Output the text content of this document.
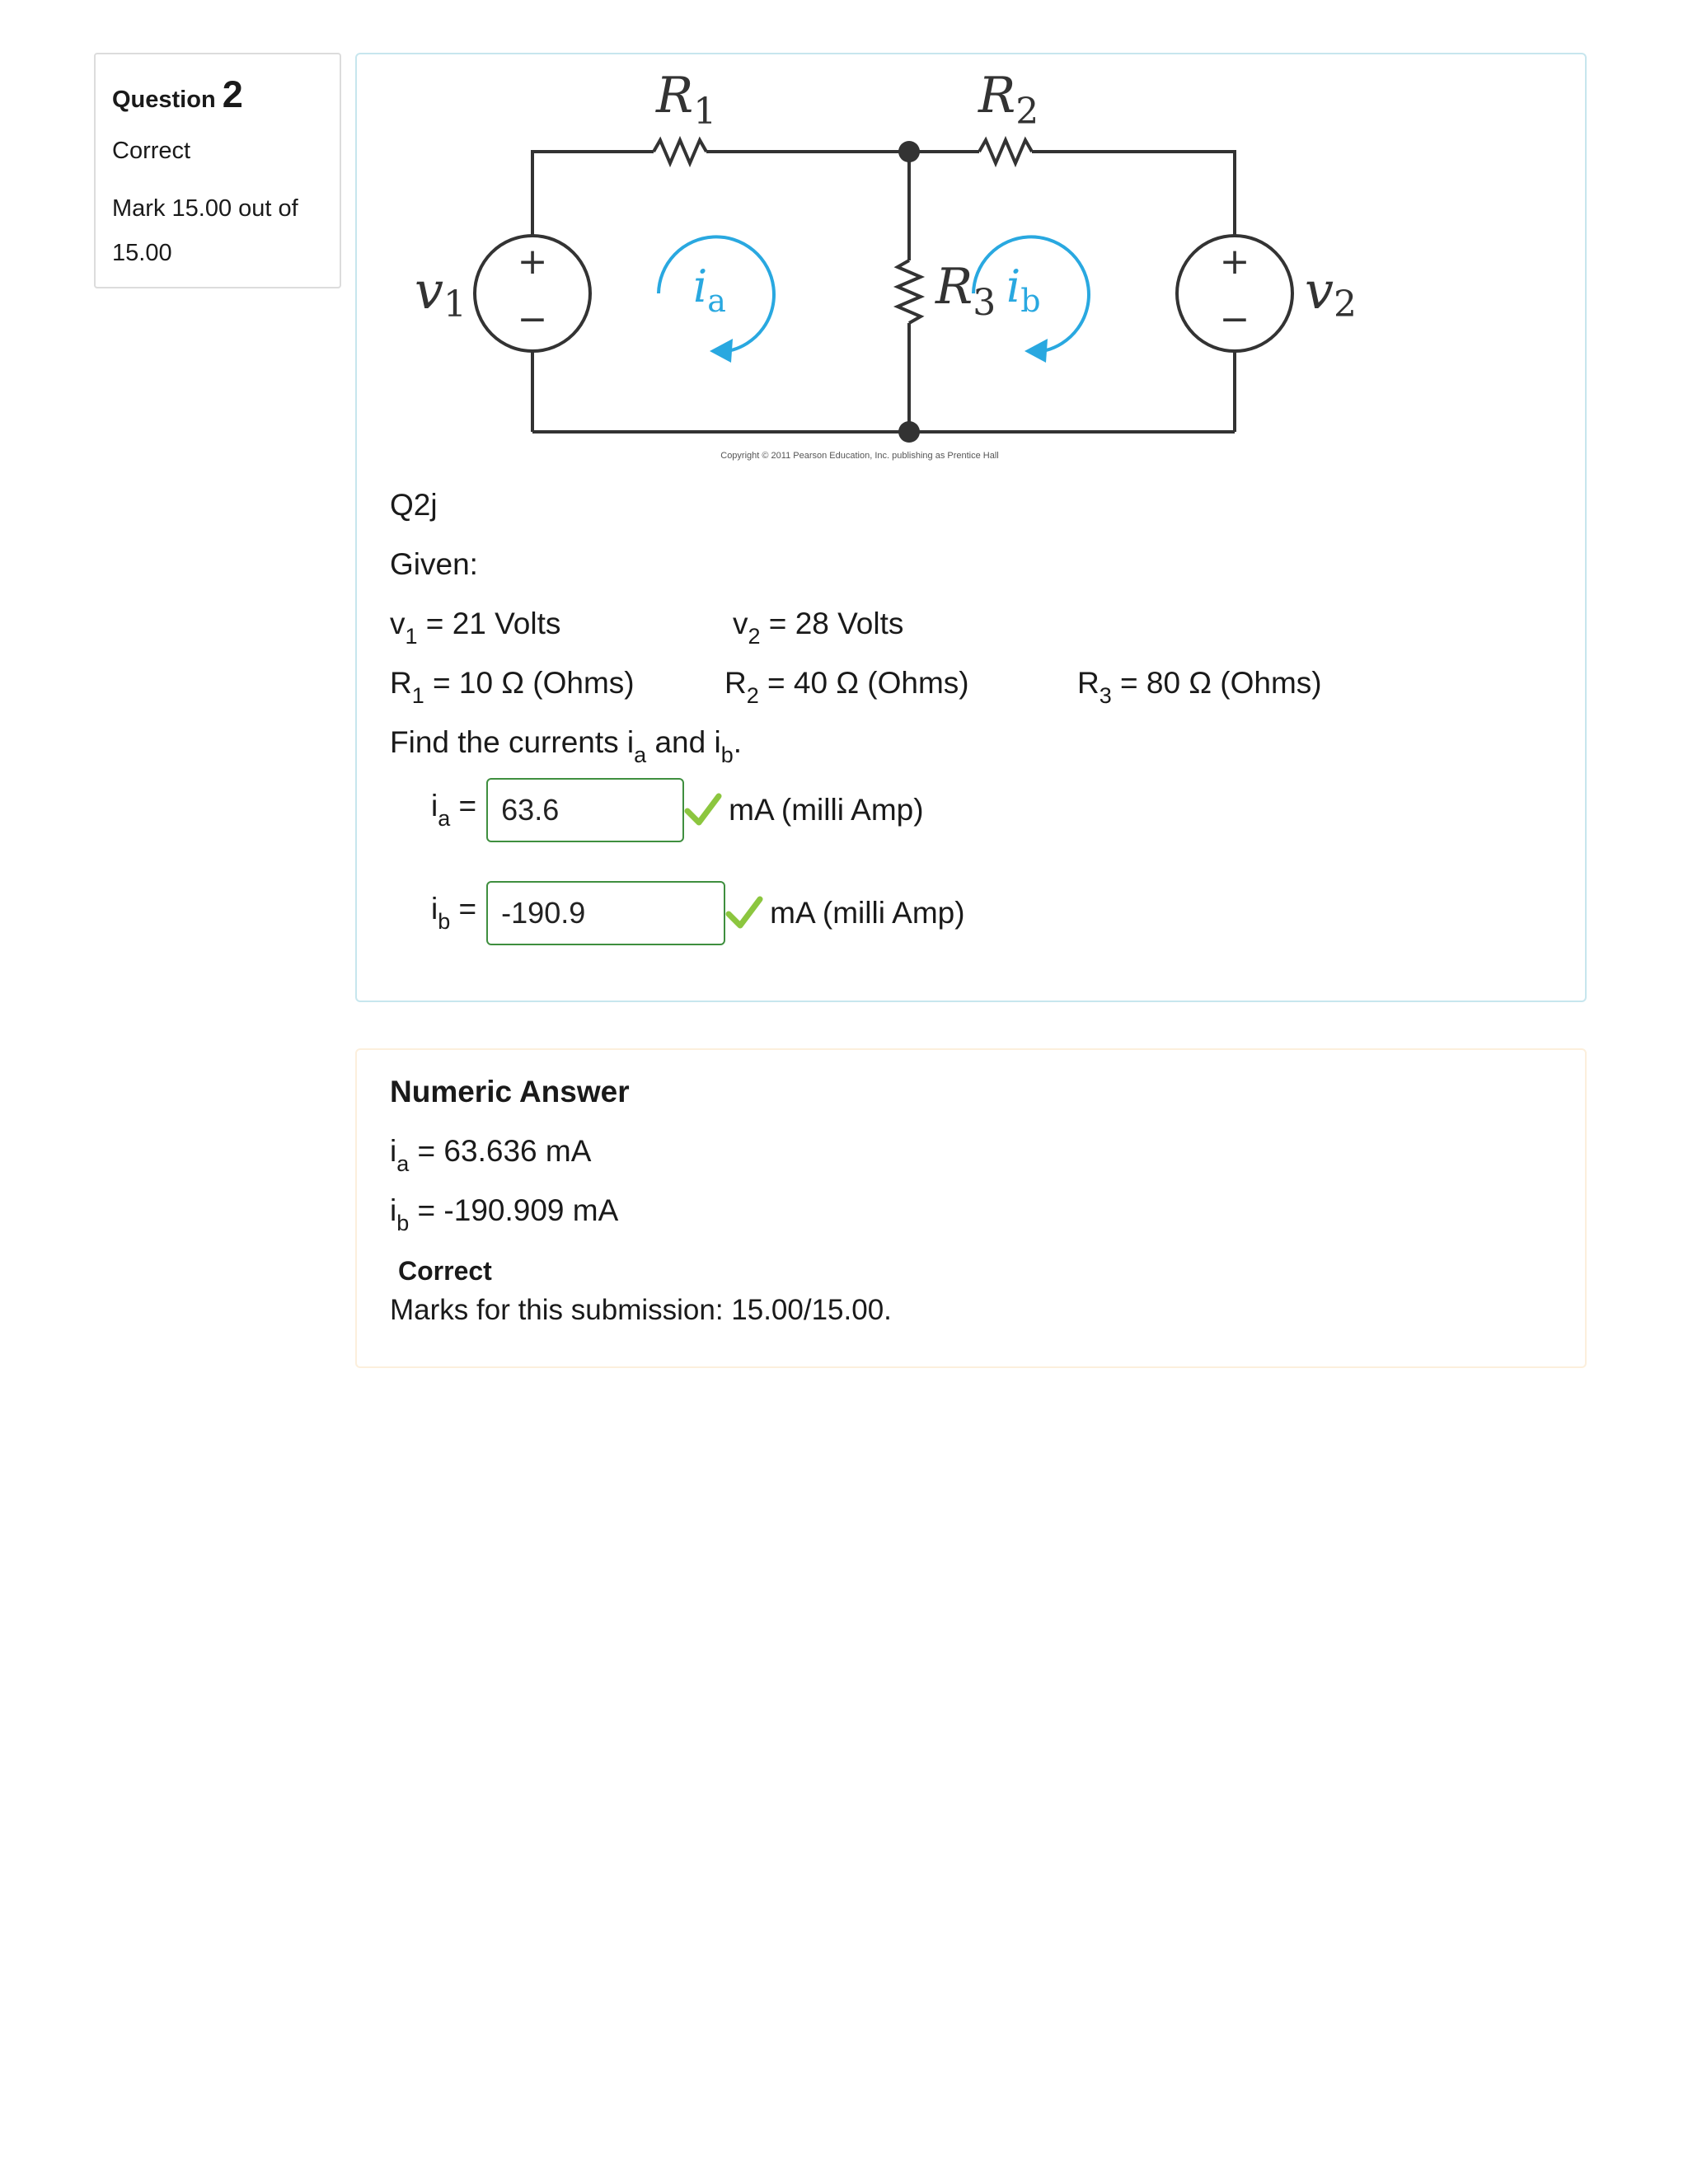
Question 2
Correct
Mark 15.00 out of 15.00	+
−
+
−
$R_1$	$R_2$
$R_3$
v1	v2
$i_a$	$i_b$
Copyright © 2011 Pearson Education, Inc. publishing as Prentice Hall
Q2j
Given:
$v_1 = 21$ Volts	$v_2 = 28$ Volts
$R_1 = 10$ Ω (Ohms)	$R_2 = 40$ Ω (Ohms)	$R_3 = 80$ Ω (Ohms)
Find the currents $i_a$ and $i_b$.
$i_a$ =
63.6	mA (milli Amp)
$i_b$ =
-190.9	mA (milli Amp)
Numeric Answer
$i_a = 63.636$ mA
$i_b = -190.909$ mA
Correct
Marks for this submission: 15.00/15.00.
